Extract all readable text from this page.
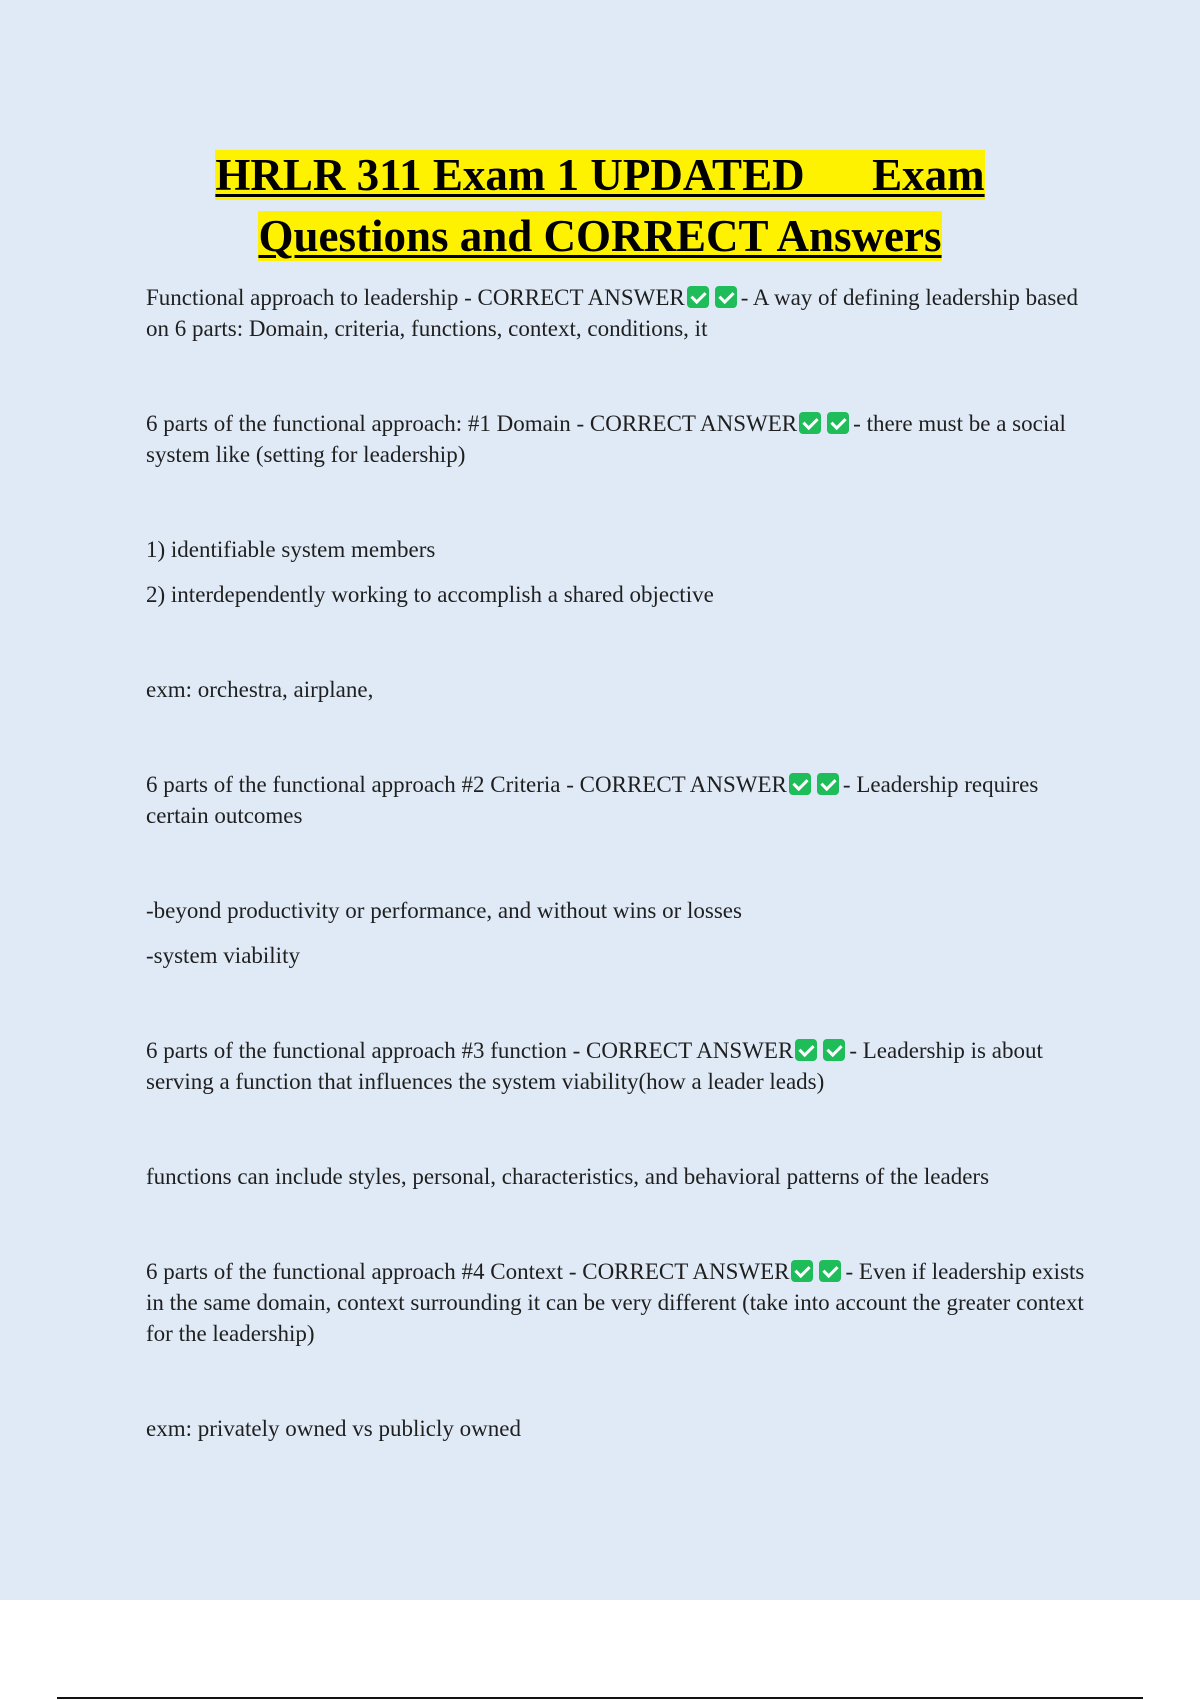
HRLR 311 Exam 1 UPDATED      Exam
Questions and CORRECT Answers

Functional approach to leadership - CORRECT ANSWER - A way of defining leadership based on 6 parts: Domain, criteria, functions, context, conditions, it

6 parts of the functional approach: #1 Domain - CORRECT ANSWER - there must be a social system like (setting for leadership)

1) identifiable system members

2) interdependently working to accomplish a shared objective

exm: orchestra, airplane,

6 parts of the functional approach #2 Criteria - CORRECT ANSWER - Leadership requires certain outcomes

-beyond productivity or performance, and without wins or losses

-system viability

6 parts of the functional approach #3 function - CORRECT ANSWER - Leadership is about serving a function that influences the system viability(how a leader leads)

functions can include styles, personal, characteristics, and behavioral patterns of the leaders

6 parts of the functional approach #4 Context - CORRECT ANSWER - Even if leadership exists in the same domain, context surrounding it can be very different (take into account the greater context for the leadership)

exm: privately owned vs publicly owned
